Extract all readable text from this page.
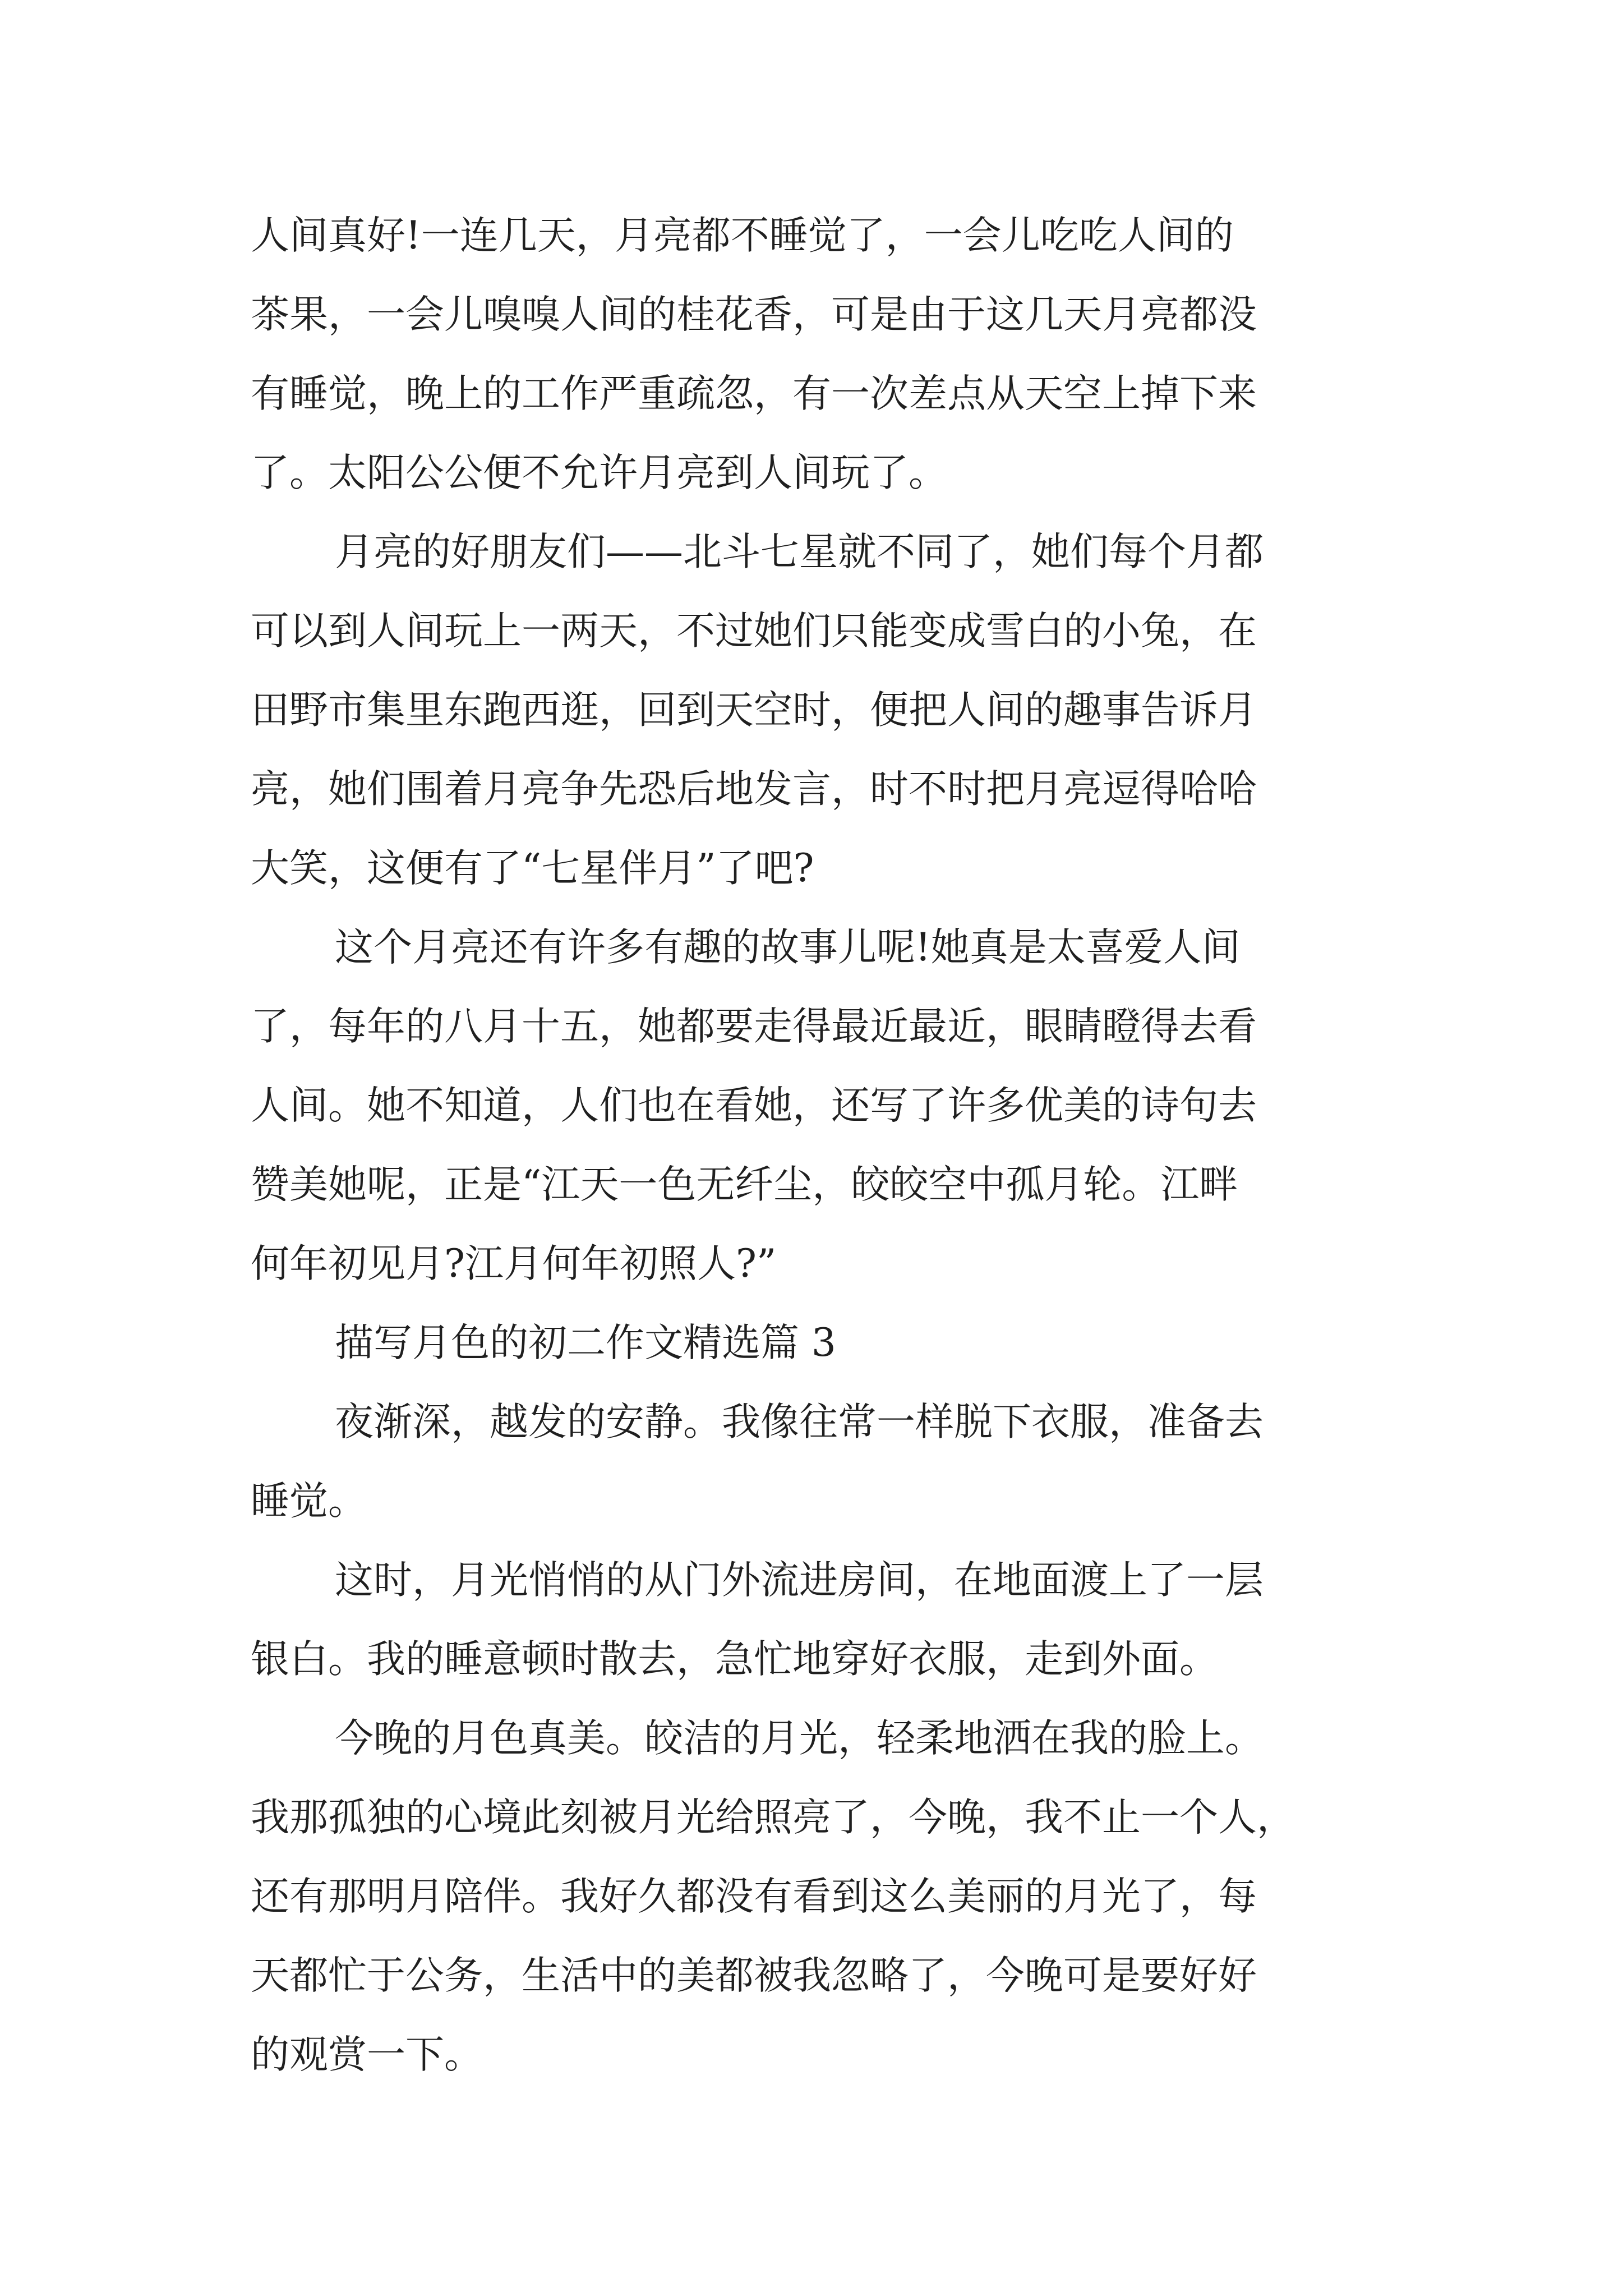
人间真好!一连几天，月亮都不睡觉了，一会儿吃吃人间的
茶果，一会儿嗅嗅人间的桂花香，可是由于这几天月亮都没
有睡觉，晚上的工作严重疏忽，有一次差点从天空上掉下来
了。太阳公公便不允许月亮到人间玩了。
月亮的好朋友们——北斗七星就不同了，她们每个月都
可以到人间玩上一两天，不过她们只能变成雪白的小兔，在
田野市集里东跑西逛，回到天空时，便把人间的趣事告诉月
亮，她们围着月亮争先恐后地发言，时不时把月亮逗得哈哈
大笑，这便有了“七星伴月”了吧?
这个月亮还有许多有趣的故事儿呢!她真是太喜爱人间
了，每年的八月十五，她都要走得最近最近，眼睛瞪得去看
人间。她不知道，人们也在看她，还写了许多优美的诗句去
赞美她呢，正是“江天一色无纤尘，皎皎空中孤月轮。江畔
何年初见月?江月何年初照人?”
描写月色的初二作文精选篇 3
夜渐深，越发的安静。我像往常一样脱下衣服，准备去
睡觉。
这时，月光悄悄的从门外流进房间，在地面渡上了一层
银白。我的睡意顿时散去，急忙地穿好衣服，走到外面。
今晚的月色真美。皎洁的月光，轻柔地洒在我的脸上。
我那孤独的心境此刻被月光给照亮了，今晚，我不止一个人，
还有那明月陪伴。我好久都没有看到这么美丽的月光了，每
天都忙于公务，生活中的美都被我忽略了，今晚可是要好好
的观赏一下。
